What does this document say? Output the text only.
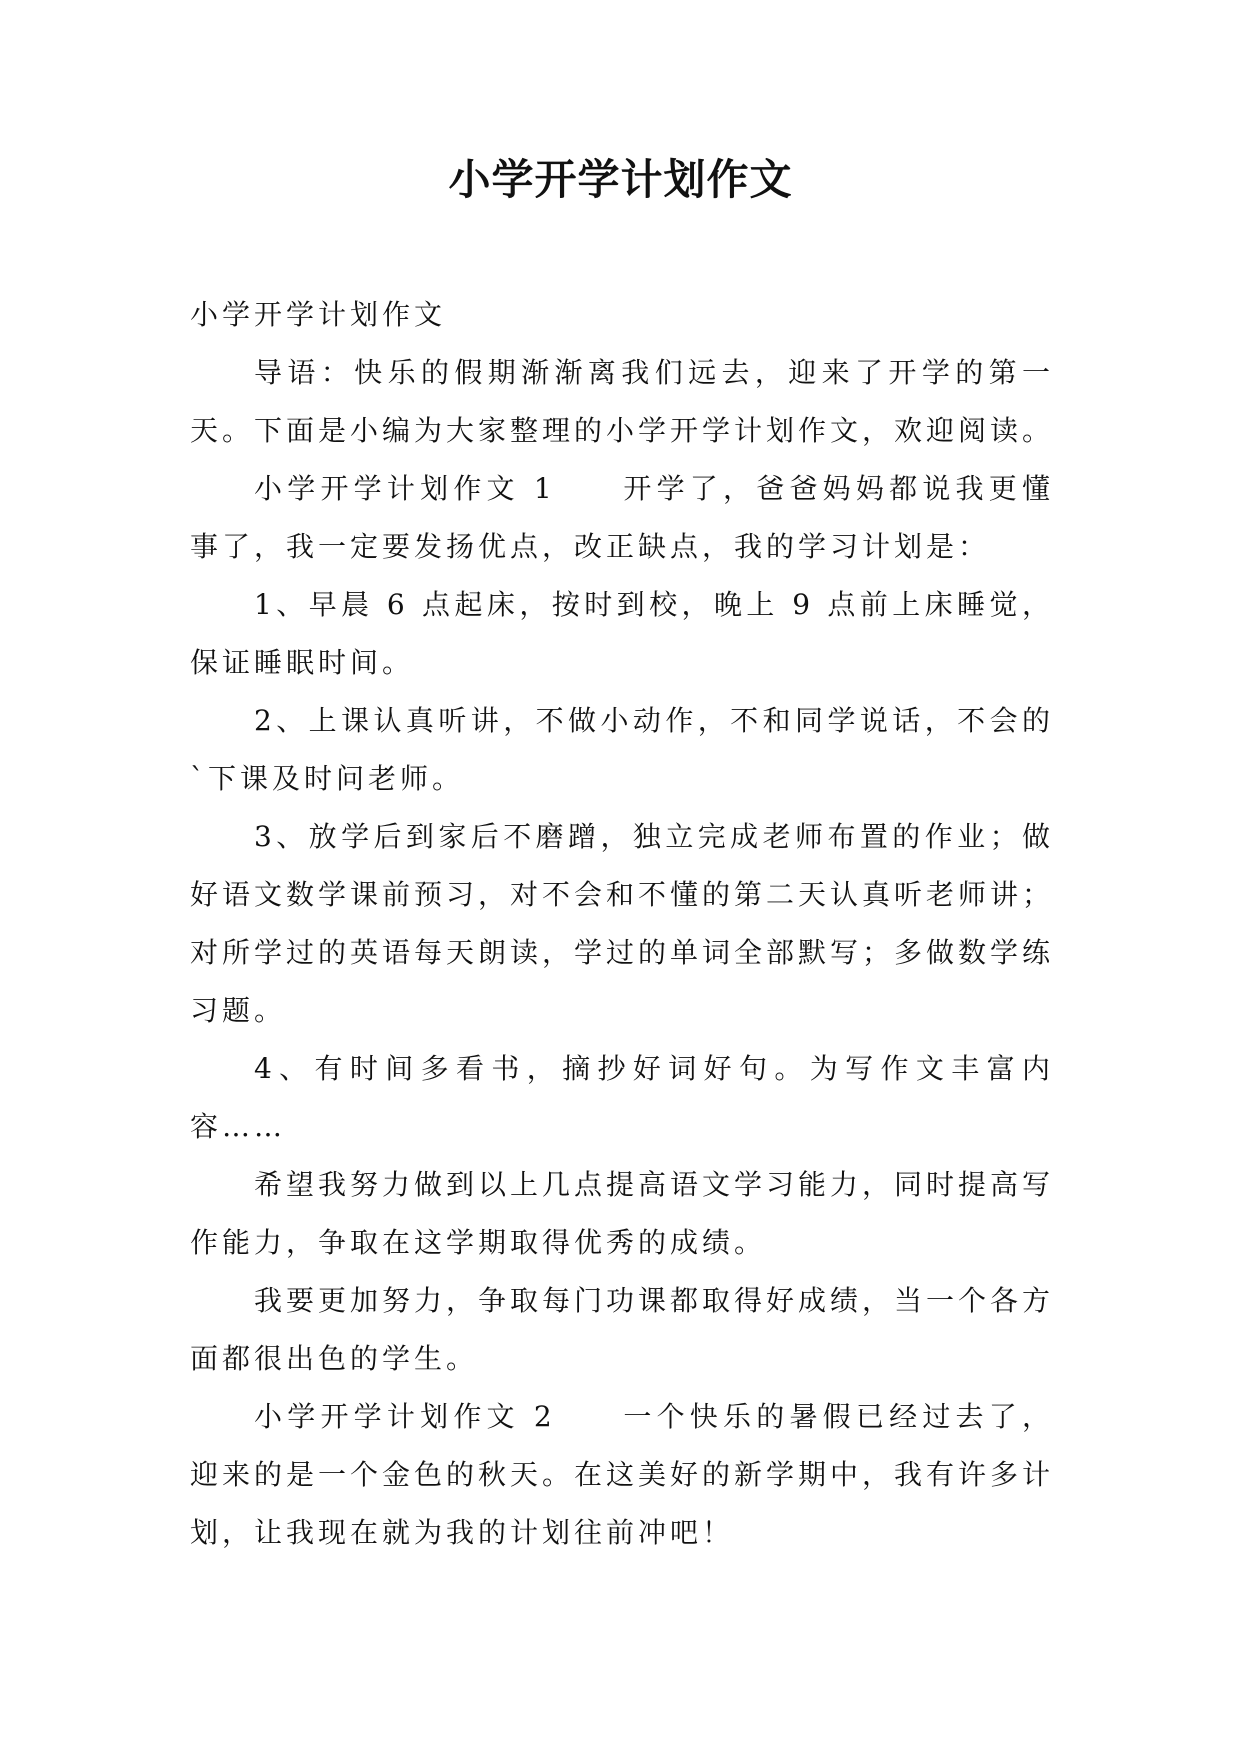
小学开学计划作文

小学开学计划作文

导语：快乐的假期渐渐离我们远去，迎来了开学的第一天。下面是小编为大家整理的小学开学计划作文，欢迎阅读。

小学开学计划作文 1　　开学了，爸爸妈妈都说我更懂事了，我一定要发扬优点，改正缺点，我的学习计划是：

1、早晨 6 点起床，按时到校，晚上 9 点前上床睡觉，保证睡眠时间。

2、上课认真听讲，不做小动作，不和同学说话，不会的`下课及时问老师。

3、放学后到家后不磨蹭，独立完成老师布置的作业；做好语文数学课前预习，对不会和不懂的第二天认真听老师讲；对所学过的英语每天朗读，学过的单词全部默写；多做数学练习题。

4、有时间多看书，摘抄好词好句。为写作文丰富内容……

希望我努力做到以上几点提高语文学习能力，同时提高写作能力，争取在这学期取得优秀的成绩。

我要更加努力，争取每门功课都取得好成绩，当一个各方面都很出色的学生。

小学开学计划作文 2　　一个快乐的暑假已经过去了，迎来的是一个金色的秋天。在这美好的新学期中，我有许多计划，让我现在就为我的计划往前冲吧！
